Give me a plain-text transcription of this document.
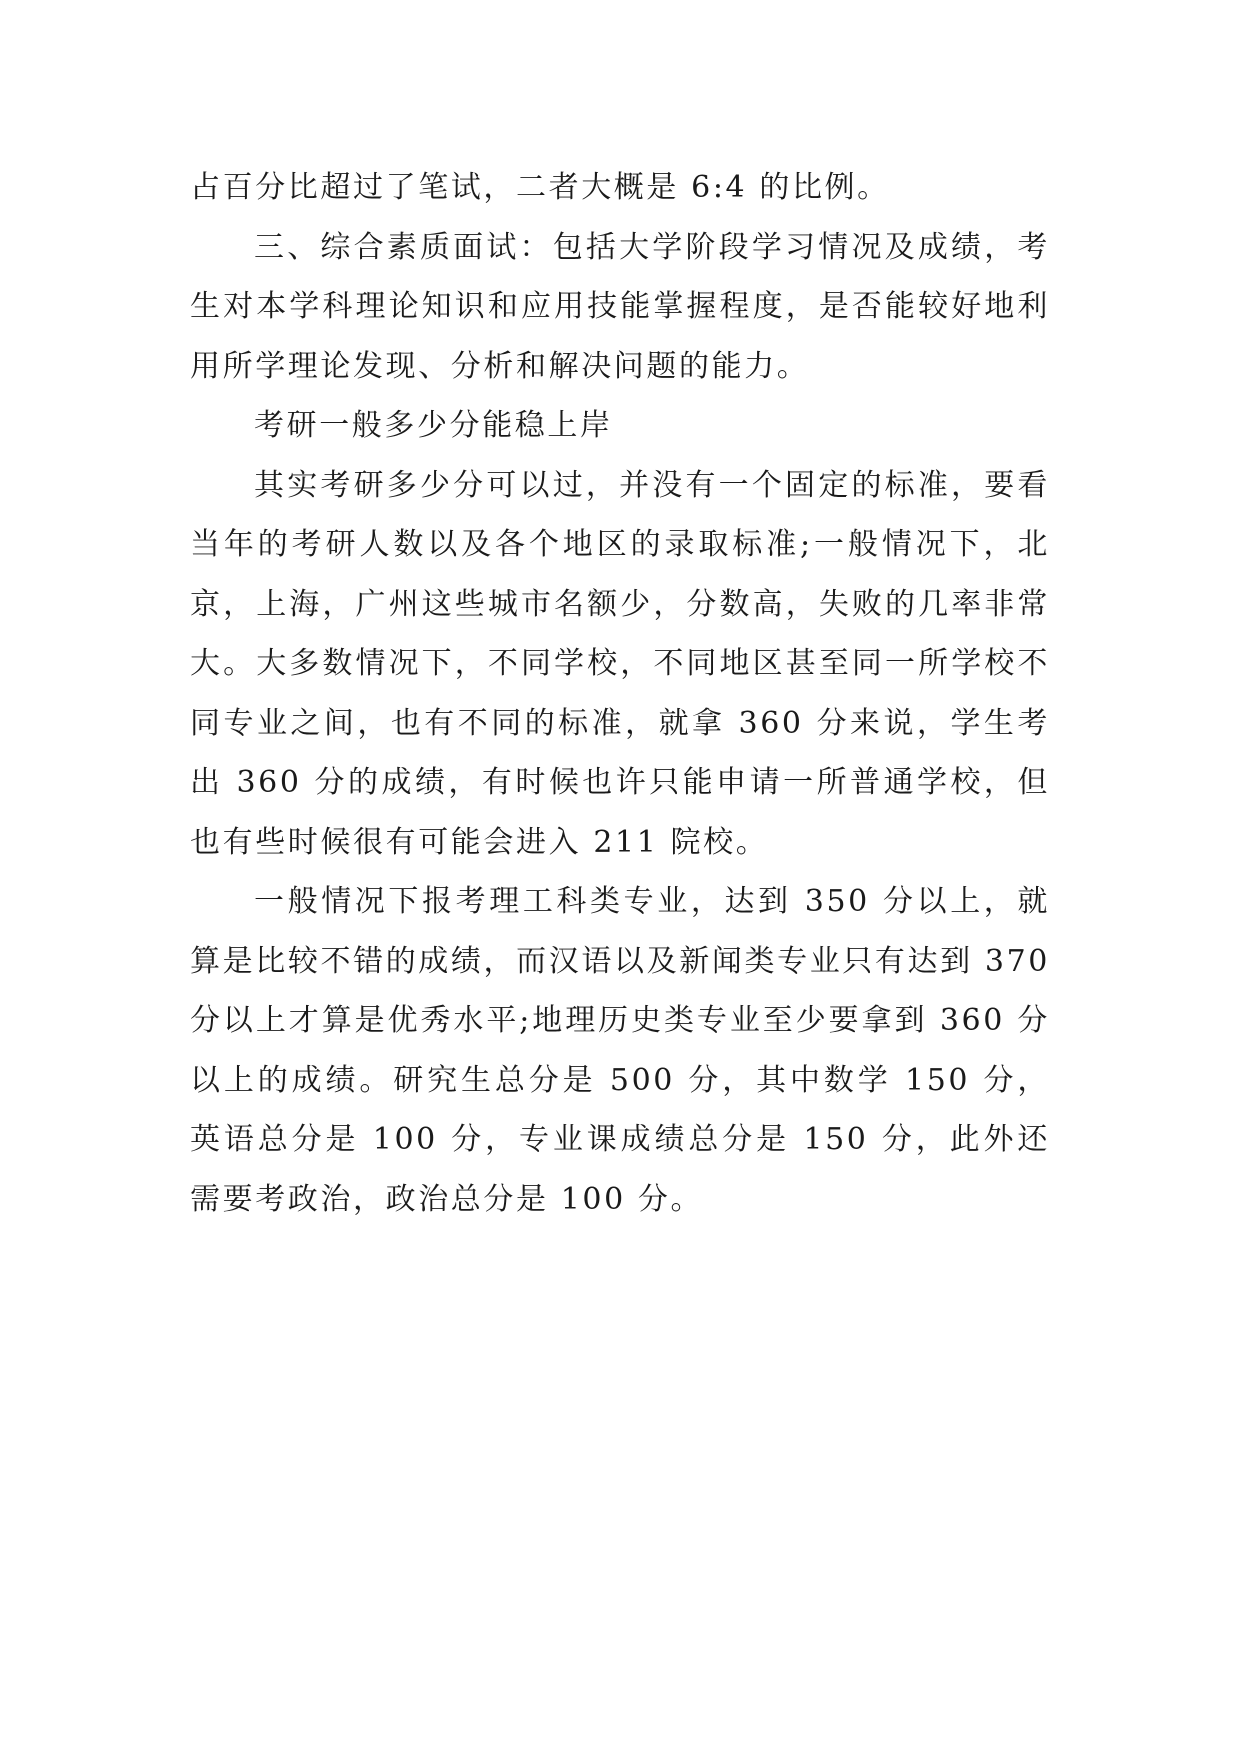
占百分比超过了笔试，二者大概是 6:4 的比例。

三、综合素质面试：包括大学阶段学习情况及成绩，考生对本学科理论知识和应用技能掌握程度，是否能较好地利用所学理论发现、分析和解决问题的能力。

考研一般多少分能稳上岸

其实考研多少分可以过，并没有一个固定的标准，要看当年的考研人数以及各个地区的录取标准;一般情况下，北京，上海，广州这些城市名额少，分数高，失败的几率非常大。大多数情况下，不同学校，不同地区甚至同一所学校不同专业之间，也有不同的标准，就拿 360 分来说，学生考出 360 分的成绩，有时候也许只能申请一所普通学校，但也有些时候很有可能会进入 211 院校。

一般情况下报考理工科类专业，达到 350 分以上，就算是比较不错的成绩，而汉语以及新闻类专业只有达到 370 分以上才算是优秀水平;地理历史类专业至少要拿到 360 分以上的成绩。研究生总分是 500 分，其中数学 150 分，英语总分是 100 分，专业课成绩总分是 150 分，此外还需要考政治，政治总分是 100 分。
